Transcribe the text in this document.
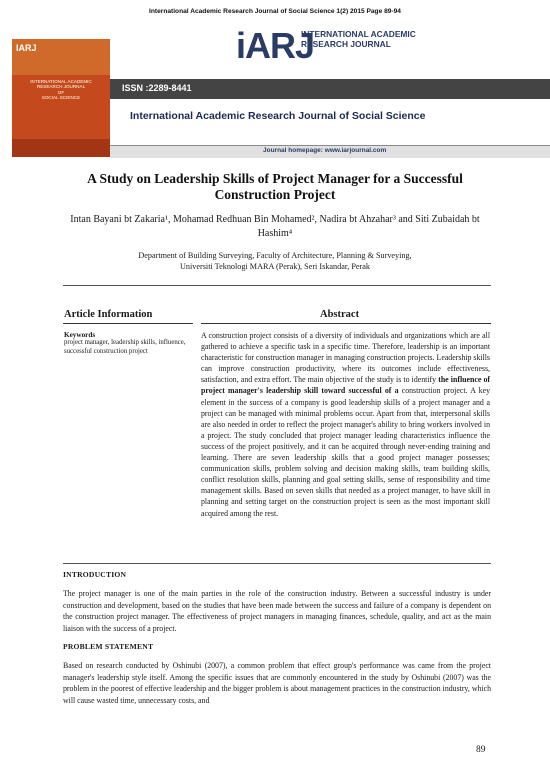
International Academic Research Journal of Social Science 1(2) 2015 Page 89-94
IARJ
INTERNATIONAL ACADEMIC
RESEARCH JOURNAL
OF
SOCIAL SCIENCE
iARJ
INTERNATIONAL ACADEMIC RESEARCH JOURNAL
ISSN :2289-8441
International Academic Research Journal of Social Science
Journal homepage: www.iarjournal.com
A Study on Leadership Skills of Project Manager for a Successful Construction Project
Intan Bayani bt Zakaria¹, Mohamad Redhuan Bin Mohamed², Nadira bt Ahzahar³ and Siti Zubaidah bt Hashim⁴
Department of Building Surveying, Faculty of Architecture, Planning & Surveying,
Universiti Teknologi MARA (Perak), Seri Iskandar, Perak
Article Information	Abstract
Keywords
project manager, leadership skills, influence, successful construction project
A construction project consists of a diversity of individuals and organizations which are all gathered to achieve a specific task in a specific time. Therefore, leadership is an important characteristic for construction manager in managing construction projects. Leadership skills can improve construction productivity, where its outcomes include effectiveness, satisfaction, and extra effort. The main objective of the study is to identify the influence of project manager's leadership skill toward successful of a construction project. A key element in the success of a company is good leadership skills of a project manager and a project can be managed with minimal problems occur. Apart from that, interpersonal skills are also needed in order to reflect the project manager's ability to bring workers involved in a project. The study concluded that project manager leading characteristics influence the success of the project positively, and it can be acquired through never-ending training and learning. There are seven leadership skills that a good project manager possesses; communication skills, problem solving and decision making skills, team building skills, conflict resolution skills, planning and goal setting skills, sense of responsibility and time management skills. Based on seven skills that needed as a project manager, to have skill in planning and setting target on the construction project is seen as the most important skill acquired among the rest.
INTRODUCTION
The project manager is one of the main parties in the role of the construction industry. Between a successful industry is under construction and development, based on the studies that have been made between the success and failure of a company is dependent on the construction project manager. The effectiveness of project managers in managing finances, schedule, quality, and act as the main liaison with the success of a project.
PROBLEM STATEMENT
Based on research conducted by Oshinubi (2007), a common problem that effect group's performance was came from the project manager's leadership style itself. Among the specific issues that are commonly encountered in the study by Oshinubi (2007) was the problem in the poorest of effective leadership and the bigger problem is about management practices in the construction industry, which will cause wasted time, unnecessary costs, and
89
